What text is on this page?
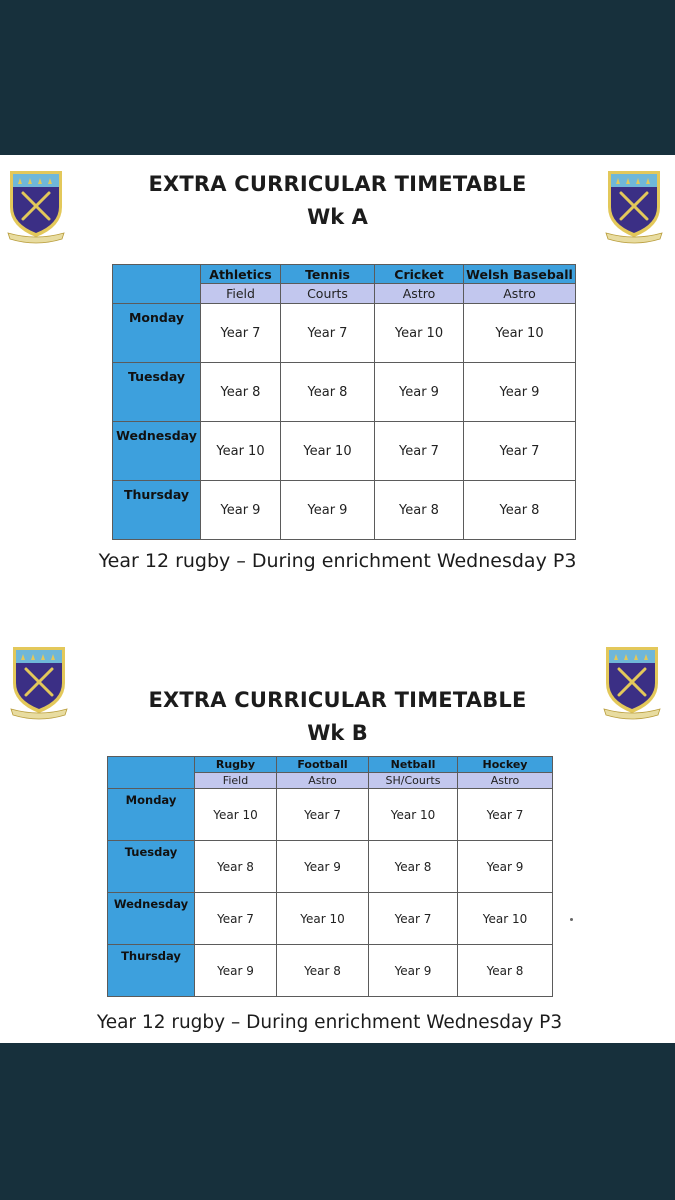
EXTRA CURRICULAR TIMETABLE
Wk A
	Athletics	Tennis	Cricket	Welsh Baseball
	Field	Courts	Astro	Astro
Monday	Year 7	Year 7	Year 10	Year 10
Tuesday	Year 8	Year 8	Year 9	Year 9
Wednesday	Year 10	Year 10	Year 7	Year 7
Thursday	Year 9	Year 9	Year 8	Year 8
Year 12 rugby – During enrichment Wednesday P3
EXTRA CURRICULAR TIMETABLE
Wk B
	Rugby	Football	Netball	Hockey
	Field	Astro	SH/Courts	Astro
Monday	Year 10	Year 7	Year 10	Year 7
Tuesday	Year 8	Year 9	Year 8	Year 9
Wednesday	Year 7	Year 10	Year 7	Year 10
Thursday	Year 9	Year 8	Year 9	Year 8
Year 12 rugby – During enrichment Wednesday P3
